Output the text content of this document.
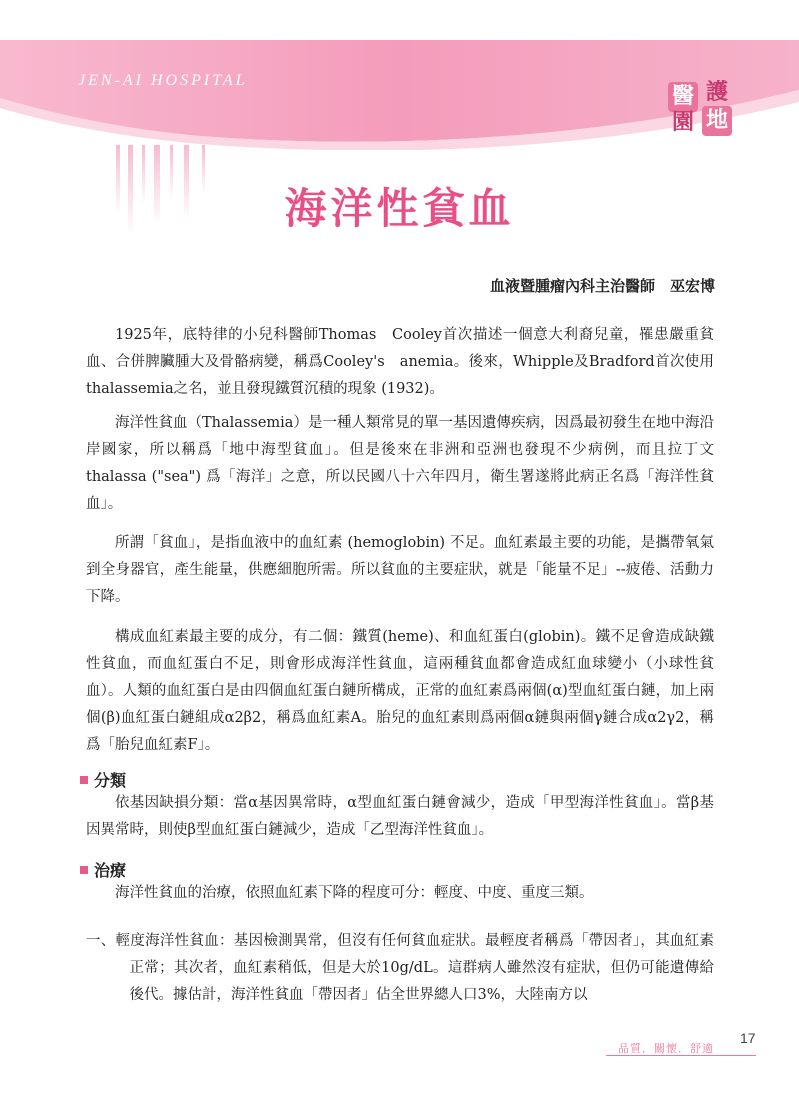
JEN-AI HOSPITAL	護
醫
地
園
海洋性貧血
血液暨腫瘤內科主治醫師　巫宏博

1925年，底特律的小兒科醫師Thomas　Cooley首次描述一個意大利裔兒童，罹患嚴重貧血、合併脾臟腫大及骨骼病變，稱爲Cooley's　anemia。後來，Whipple及Bradford首次使用thalassemia之名，並且發現鐵質沉積的現象 (1932)。

海洋性貧血（Thalassemia）是一種人類常見的單一基因遺傳疾病，因爲最初發生在地中海沿岸國家，所以稱爲「地中海型貧血」。但是後來在非洲和亞洲也發現不少病例，而且拉丁文thalassa ("sea") 爲「海洋」之意，所以民國八十六年四月，衛生署遂將此病正名爲「海洋性貧血」。

所謂「貧血」，是指血液中的血紅素 (hemoglobin) 不足。血紅素最主要的功能，是攜帶氧氣到全身器官，產生能量，供應細胞所需。所以貧血的主要症狀，就是「能量不足」--疲倦、活動力下降。

構成血紅素最主要的成分，有二個：鐵質(heme)、和血紅蛋白(globin)。鐵不足會造成缺鐵性貧血，而血紅蛋白不足，則會形成海洋性貧血，這兩種貧血都會造成紅血球變小（小球性貧血）。人類的血紅蛋白是由四個血紅蛋白鏈所構成，正常的血紅素爲兩個(α)型血紅蛋白鏈，加上兩個(β)血紅蛋白鏈組成α2β2，稱爲血紅素A。胎兒的血紅素則爲兩個α鏈與兩個γ鏈合成α2γ2，稱爲「胎兒血紅素F」。

分類

依基因缺損分類：當α基因異常時，α型血紅蛋白鏈會減少，造成「甲型海洋性貧血」。當β基因異常時，則使β型血紅蛋白鏈減少，造成「乙型海洋性貧血」。

治療

海洋性貧血的治療，依照血紅素下降的程度可分：輕度、中度、重度三類。

一、輕度海洋性貧血：基因檢測異常，但沒有任何貧血症狀。最輕度者稱爲「帶因者」，其血紅素正常；其次者，血紅素稍低，但是大於10g/dL。這群病人雖然沒有症狀，但仍可能遺傳給後代。據估計，海洋性貧血「帶因者」佔全世界總人口3%，大陸南方以

品質．關懷．舒適
17
